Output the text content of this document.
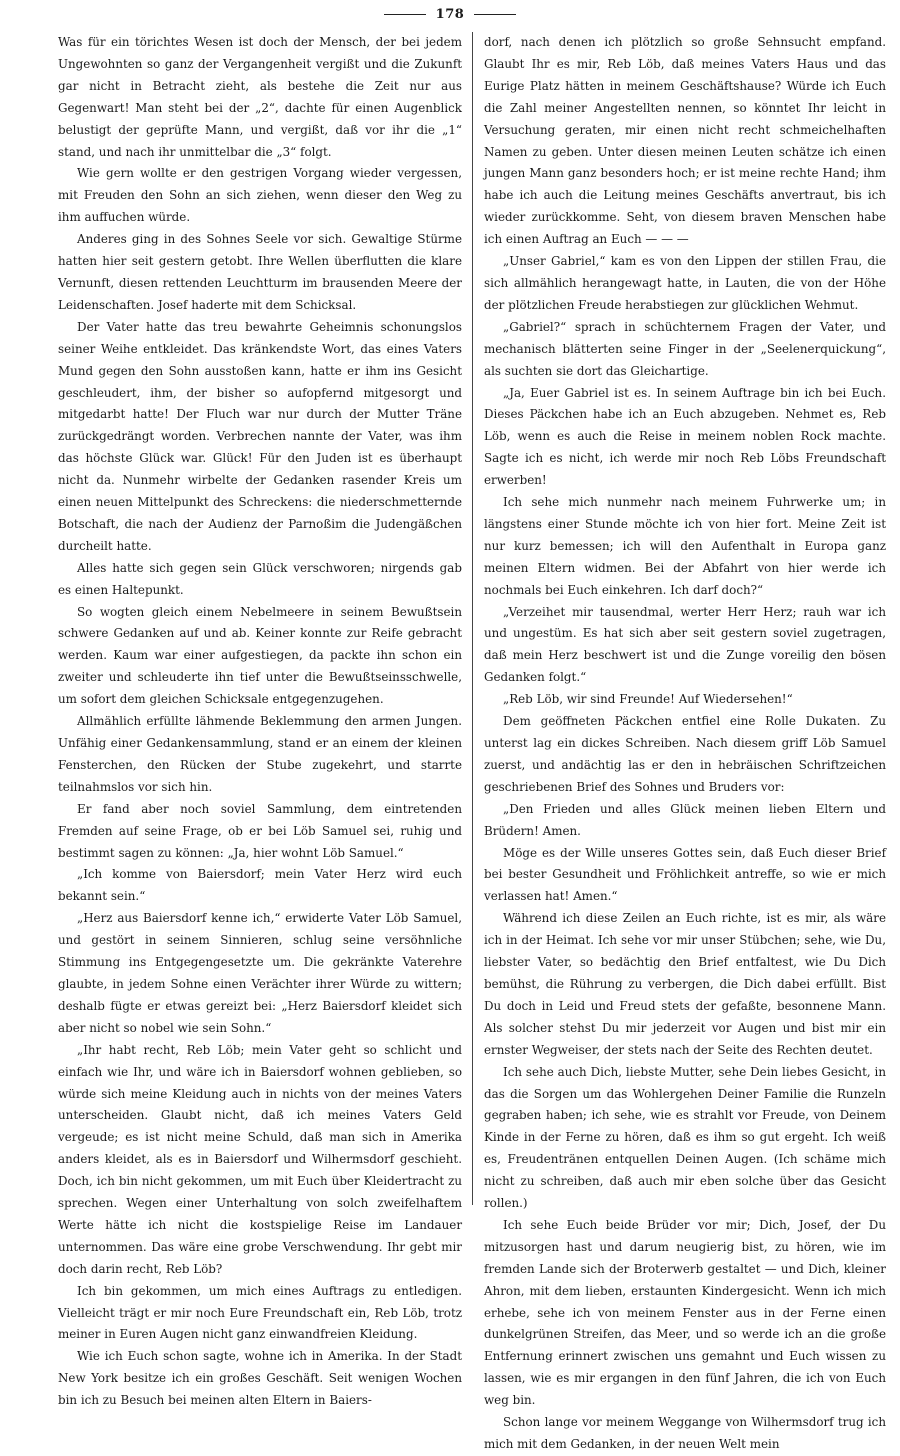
178

Was für ein törichtes Wesen ist doch der Mensch, der bei jedem Ungewohnten so ganz der Vergangenheit vergißt und die Zukunft gar nicht in Betracht zieht, als bestehe die Zeit nur aus Gegenwart! Man steht bei der „2“, dachte für einen Augenblick belustigt der geprüfte Mann, und vergißt, daß vor ihr die „1“ stand, und nach ihr unmittelbar die „3“ folgt.

Wie gern wollte er den gestrigen Vorgang wieder vergessen, mit Freuden den Sohn an sich ziehen, wenn dieser den Weg zu ihm auffuchen würde.

Anderes ging in des Sohnes Seele vor sich. Gewaltige Stürme hatten hier seit gestern getobt. Ihre Wellen überflutten die klare Vernunft, diesen rettenden Leuchtturm im brausenden Meere der Leidenschaften. Josef haderte mit dem Schicksal.

Der Vater hatte das treu bewahrte Geheimnis schonungslos seiner Weihe entkleidet. Das kränkendste Wort, das eines Vaters Mund gegen den Sohn ausstoßen kann, hatte er ihm ins Gesicht geschleudert, ihm, der bisher so aufopfernd mitgesorgt und mitgedarbt hatte! Der Fluch war nur durch der Mutter Träne zurückgedrängt worden. Verbrechen nannte der Vater, was ihm das höchste Glück war. Glück! Für den Juden ist es überhaupt nicht da. Nunmehr wirbelte der Gedanken rasender Kreis um einen neuen Mittelpunkt des Schreckens: die niederschmetternde Botschaft, die nach der Audienz der Parnoßim die Judengäßchen durcheilt hatte.

Alles hatte sich gegen sein Glück verschworen; nirgends gab es einen Haltepunkt.

So wogten gleich einem Nebelmeere in seinem Bewußtsein schwere Gedanken auf und ab. Keiner konnte zur Reife gebracht werden. Kaum war einer aufgestiegen, da packte ihn schon ein zweiter und schleuderte ihn tief unter die Bewußtseinsschwelle, um sofort dem gleichen Schicksale entgegenzugehen.

Allmählich erfüllte lähmende Beklemmung den armen Jungen. Unfähig einer Gedankensammlung, stand er an einem der kleinen Fensterchen, den Rücken der Stube zugekehrt, und starrte teilnahmslos vor sich hin.

Er fand aber noch soviel Sammlung, dem eintretenden Fremden auf seine Frage, ob er bei Löb Samuel sei, ruhig und bestimmt sagen zu können: „Ja, hier wohnt Löb Samuel.“

„Ich komme von Baiersdorf; mein Vater Herz wird euch bekannt sein.“

„Herz aus Baiersdorf kenne ich,“ erwiderte Vater Löb Samuel, und gestört in seinem Sinnieren, schlug seine versöhnliche Stimmung ins Entgegengesetzte um. Die gekränkte Vaterehre glaubte, in jedem Sohne einen Verächter ihrer Würde zu wittern; deshalb fügte er etwas gereizt bei: „Herz Baiersdorf kleidet sich aber nicht so nobel wie sein Sohn.“

„Ihr habt recht, Reb Löb; mein Vater geht so schlicht und einfach wie Ihr, und wäre ich in Baiersdorf wohnen geblieben, so würde sich meine Kleidung auch in nichts von der meines Vaters unterscheiden. Glaubt nicht, daß ich meines Vaters Geld vergeude; es ist nicht meine Schuld, daß man sich in Amerika anders kleidet, als es in Baiersdorf und Wilhermsdorf geschieht. Doch, ich bin nicht gekommen, um mit Euch über Kleidertracht zu sprechen. Wegen einer Unterhaltung von solch zweifelhaftem Werte hätte ich nicht die kostspielige Reise im Landauer unternommen. Das wäre eine grobe Verschwendung. Ihr gebt mir doch darin recht, Reb Löb?

Ich bin gekommen, um mich eines Auftrags zu entledigen. Vielleicht trägt er mir noch Eure Freundschaft ein, Reb Löb, trotz meiner in Euren Augen nicht ganz einwandfreien Kleidung.

Wie ich Euch schon sagte, wohne ich in Amerika. In der Stadt New York besitze ich ein großes Geschäft. Seit wenigen Wochen bin ich zu Besuch bei meinen alten Eltern in Baiers-

dorf, nach denen ich plötzlich so große Sehnsucht empfand. Glaubt Ihr es mir, Reb Löb, daß meines Vaters Haus und das Eurige Platz hätten in meinem Geschäftshause? Würde ich Euch die Zahl meiner Angestellten nennen, so könntet Ihr leicht in Versuchung geraten, mir einen nicht recht schmeichelhaften Namen zu geben. Unter diesen meinen Leuten schätze ich einen jungen Mann ganz besonders hoch; er ist meine rechte Hand; ihm habe ich auch die Leitung meines Geschäfts anvertraut, bis ich wieder zurückkomme. Seht, von diesem braven Menschen habe ich einen Auftrag an Euch — — —

„Unser Gabriel,“ kam es von den Lippen der stillen Frau, die sich allmählich herangewagt hatte, in Lauten, die von der Höhe der plötzlichen Freude herabstiegen zur glücklichen Wehmut.

„Gabriel?“ sprach in schüchternem Fragen der Vater, und mechanisch blätterten seine Finger in der „Seelenerquickung“, als suchten sie dort das Gleichartige.

„Ja, Euer Gabriel ist es. In seinem Auftrage bin ich bei Euch. Dieses Päckchen habe ich an Euch abzugeben. Nehmet es, Reb Löb, wenn es auch die Reise in meinem noblen Rock machte. Sagte ich es nicht, ich werde mir noch Reb Löbs Freundschaft erwerben!

Ich sehe mich nunmehr nach meinem Fuhrwerke um; in längstens einer Stunde möchte ich von hier fort. Meine Zeit ist nur kurz bemessen; ich will den Aufenthalt in Europa ganz meinen Eltern widmen. Bei der Abfahrt von hier werde ich nochmals bei Euch einkehren. Ich darf doch?“

„Verzeihet mir tausendmal, werter Herr Herz; rauh war ich und ungestüm. Es hat sich aber seit gestern soviel zugetragen, daß mein Herz beschwert ist und die Zunge voreilig den bösen Gedanken folgt.“

„Reb Löb, wir sind Freunde! Auf Wiedersehen!“

Dem geöffneten Päckchen entfiel eine Rolle Dukaten. Zu unterst lag ein dickes Schreiben. Nach diesem griff Löb Samuel zuerst, und andächtig las er den in hebräischen Schriftzeichen geschriebenen Brief des Sohnes und Bruders vor:

„Den Frieden und alles Glück meinen lieben Eltern und Brüdern! Amen.

Möge es der Wille unseres Gottes sein, daß Euch dieser Brief bei bester Gesundheit und Fröhlichkeit antreffe, so wie er mich verlassen hat! Amen.“

Während ich diese Zeilen an Euch richte, ist es mir, als wäre ich in der Heimat. Ich sehe vor mir unser Stübchen; sehe, wie Du, liebster Vater, so bedächtig den Brief entfaltest, wie Du Dich bemühst, die Rührung zu verbergen, die Dich dabei erfüllt. Bist Du doch in Leid und Freud stets der gefaßte, besonnene Mann. Als solcher stehst Du mir jederzeit vor Augen und bist mir ein ernster Wegweiser, der stets nach der Seite des Rechten deutet.

Ich sehe auch Dich, liebste Mutter, sehe Dein liebes Gesicht, in das die Sorgen um das Wohlergehen Deiner Familie die Runzeln gegraben haben; ich sehe, wie es strahlt vor Freude, von Deinem Kinde in der Ferne zu hören, daß es ihm so gut ergeht. Ich weiß es, Freudentränen entquellen Deinen Augen. (Ich schäme mich nicht zu schreiben, daß auch mir eben solche über das Gesicht rollen.)

Ich sehe Euch beide Brüder vor mir; Dich, Josef, der Du mitzusorgen hast und darum neugierig bist, zu hören, wie im fremden Lande sich der Broterwerb gestaltet — und Dich, kleiner Ahron, mit dem lieben, erstaunten Kindergesicht. Wenn ich mich erhebe, sehe ich von meinem Fenster aus in der Ferne einen dunkelgrünen Streifen, das Meer, und so werde ich an die große Entfernung erinnert zwischen uns gemahnt und Euch wissen zu lassen, wie es mir ergangen in den fünf Jahren, die ich von Euch weg bin.

Schon lange vor meinem Weggange von Wilhermsdorf trug ich mich mit dem Gedanken, in der neuen Welt mein
